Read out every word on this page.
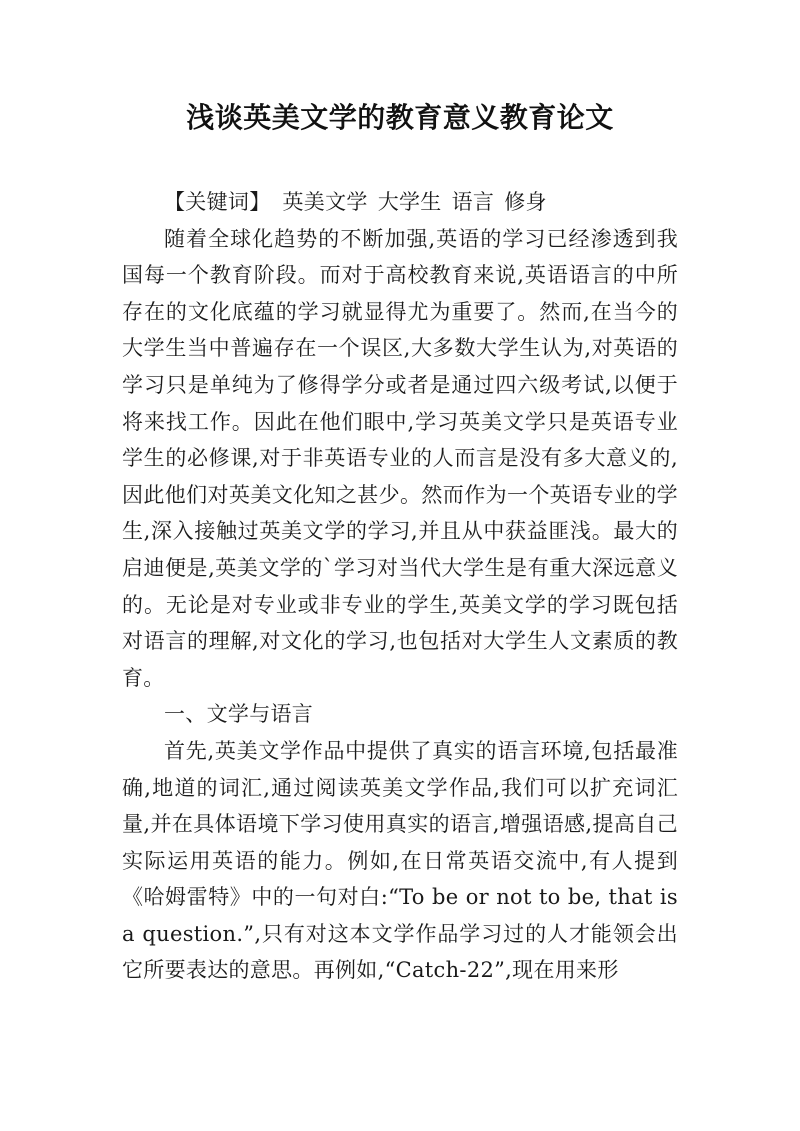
浅谈英美文学的教育意义教育论文

【关键词】 英美文学 大学生 语言 修身

随着全球化趋势的不断加强,英语的学习已经渗透到我国每一个教育阶段。而对于高校教育来说,英语语言的中所存在的文化底蕴的学习就显得尤为重要了。然而,在当今的大学生当中普遍存在一个误区,大多数大学生认为,对英语的学习只是单纯为了修得学分或者是通过四六级考试,以便于将来找工作。因此在他们眼中,学习英美文学只是英语专业学生的必修课,对于非英语专业的人而言是没有多大意义的,因此他们对英美文化知之甚少。然而作为一个英语专业的学生,深入接触过英美文学的学习,并且从中获益匪浅。最大的启迪便是,英美文学的`学习对当代大学生是有重大深远意义的。无论是对专业或非专业的学生,英美文学的学习既包括对语言的理解,对文化的学习,也包括对大学生人文素质的教育。

一、文学与语言

首先,英美文学作品中提供了真实的语言环境,包括最准确,地道的词汇,通过阅读英美文学作品,我们可以扩充词汇量,并在具体语境下学习使用真实的语言,增强语感,提高自己实际运用英语的能力。例如,在日常英语交流中,有人提到《哈姆雷特》中的一句对白:“To be or not to be, that is a question.”,只有对这本文学作品学习过的人才能领会出它所要表达的意思。再例如,“Catch-22”,现在用来形
